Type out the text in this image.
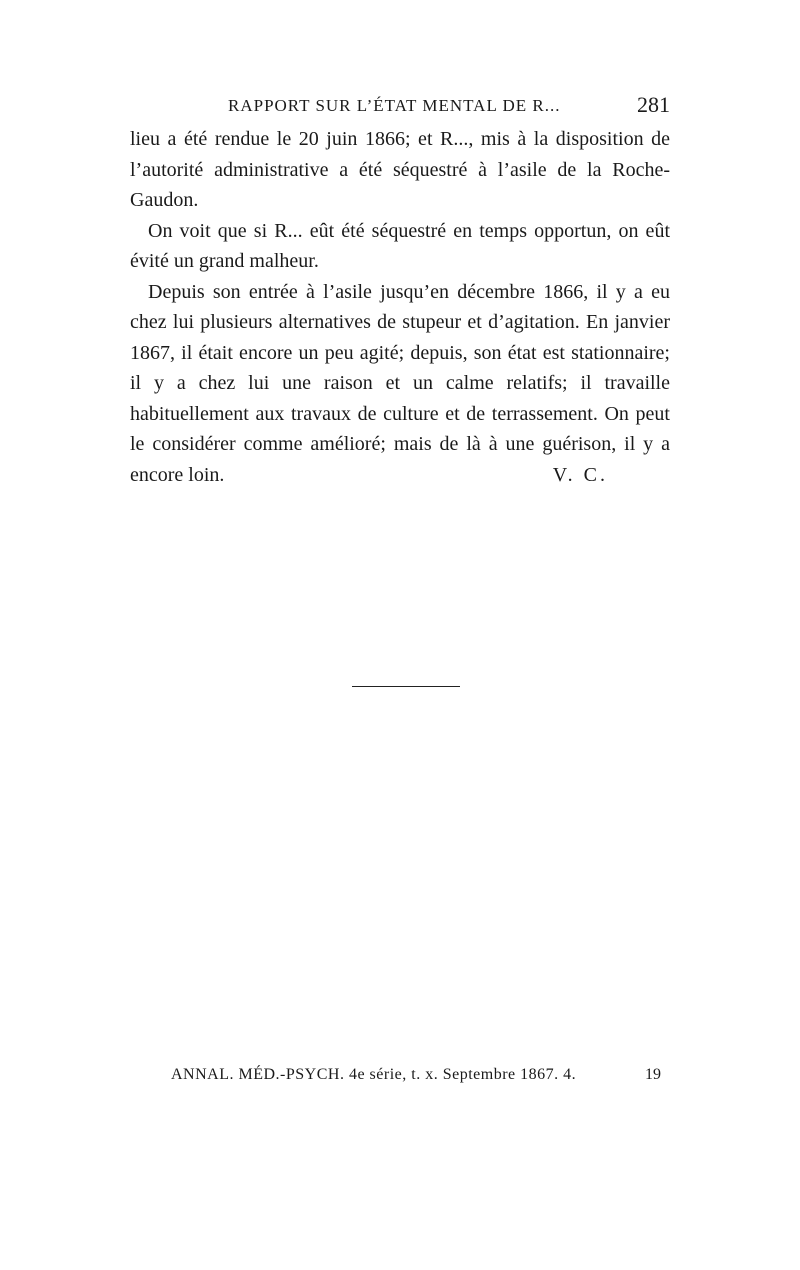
RAPPORT SUR L’ÉTAT MENTAL DE R...	281

lieu a été rendue le 20 juin 1866; et R..., mis à la disposition de l’autorité administrative a été séquestré à l’asile de la Roche-Gaudon.

On voit que si R... eût été séquestré en temps opportun, on eût évité un grand malheur.

Depuis son entrée à l’asile jusqu’en décembre 1866, il y a eu chez lui plusieurs alternatives de stupeur et d’agitation. En janvier 1867, il était encore un peu agité; depuis, son état est stationnaire; il y a chez lui une raison et un calme relatifs; il travaille habituellement aux travaux de culture et de terrassement. On peut le considérer comme amélioré; mais de là à une guérison, il y a encore loin.	V. C.

ANNAL. MÉD.-PSYCH. 4e série, t. x. Septembre 1867. 4.	19
